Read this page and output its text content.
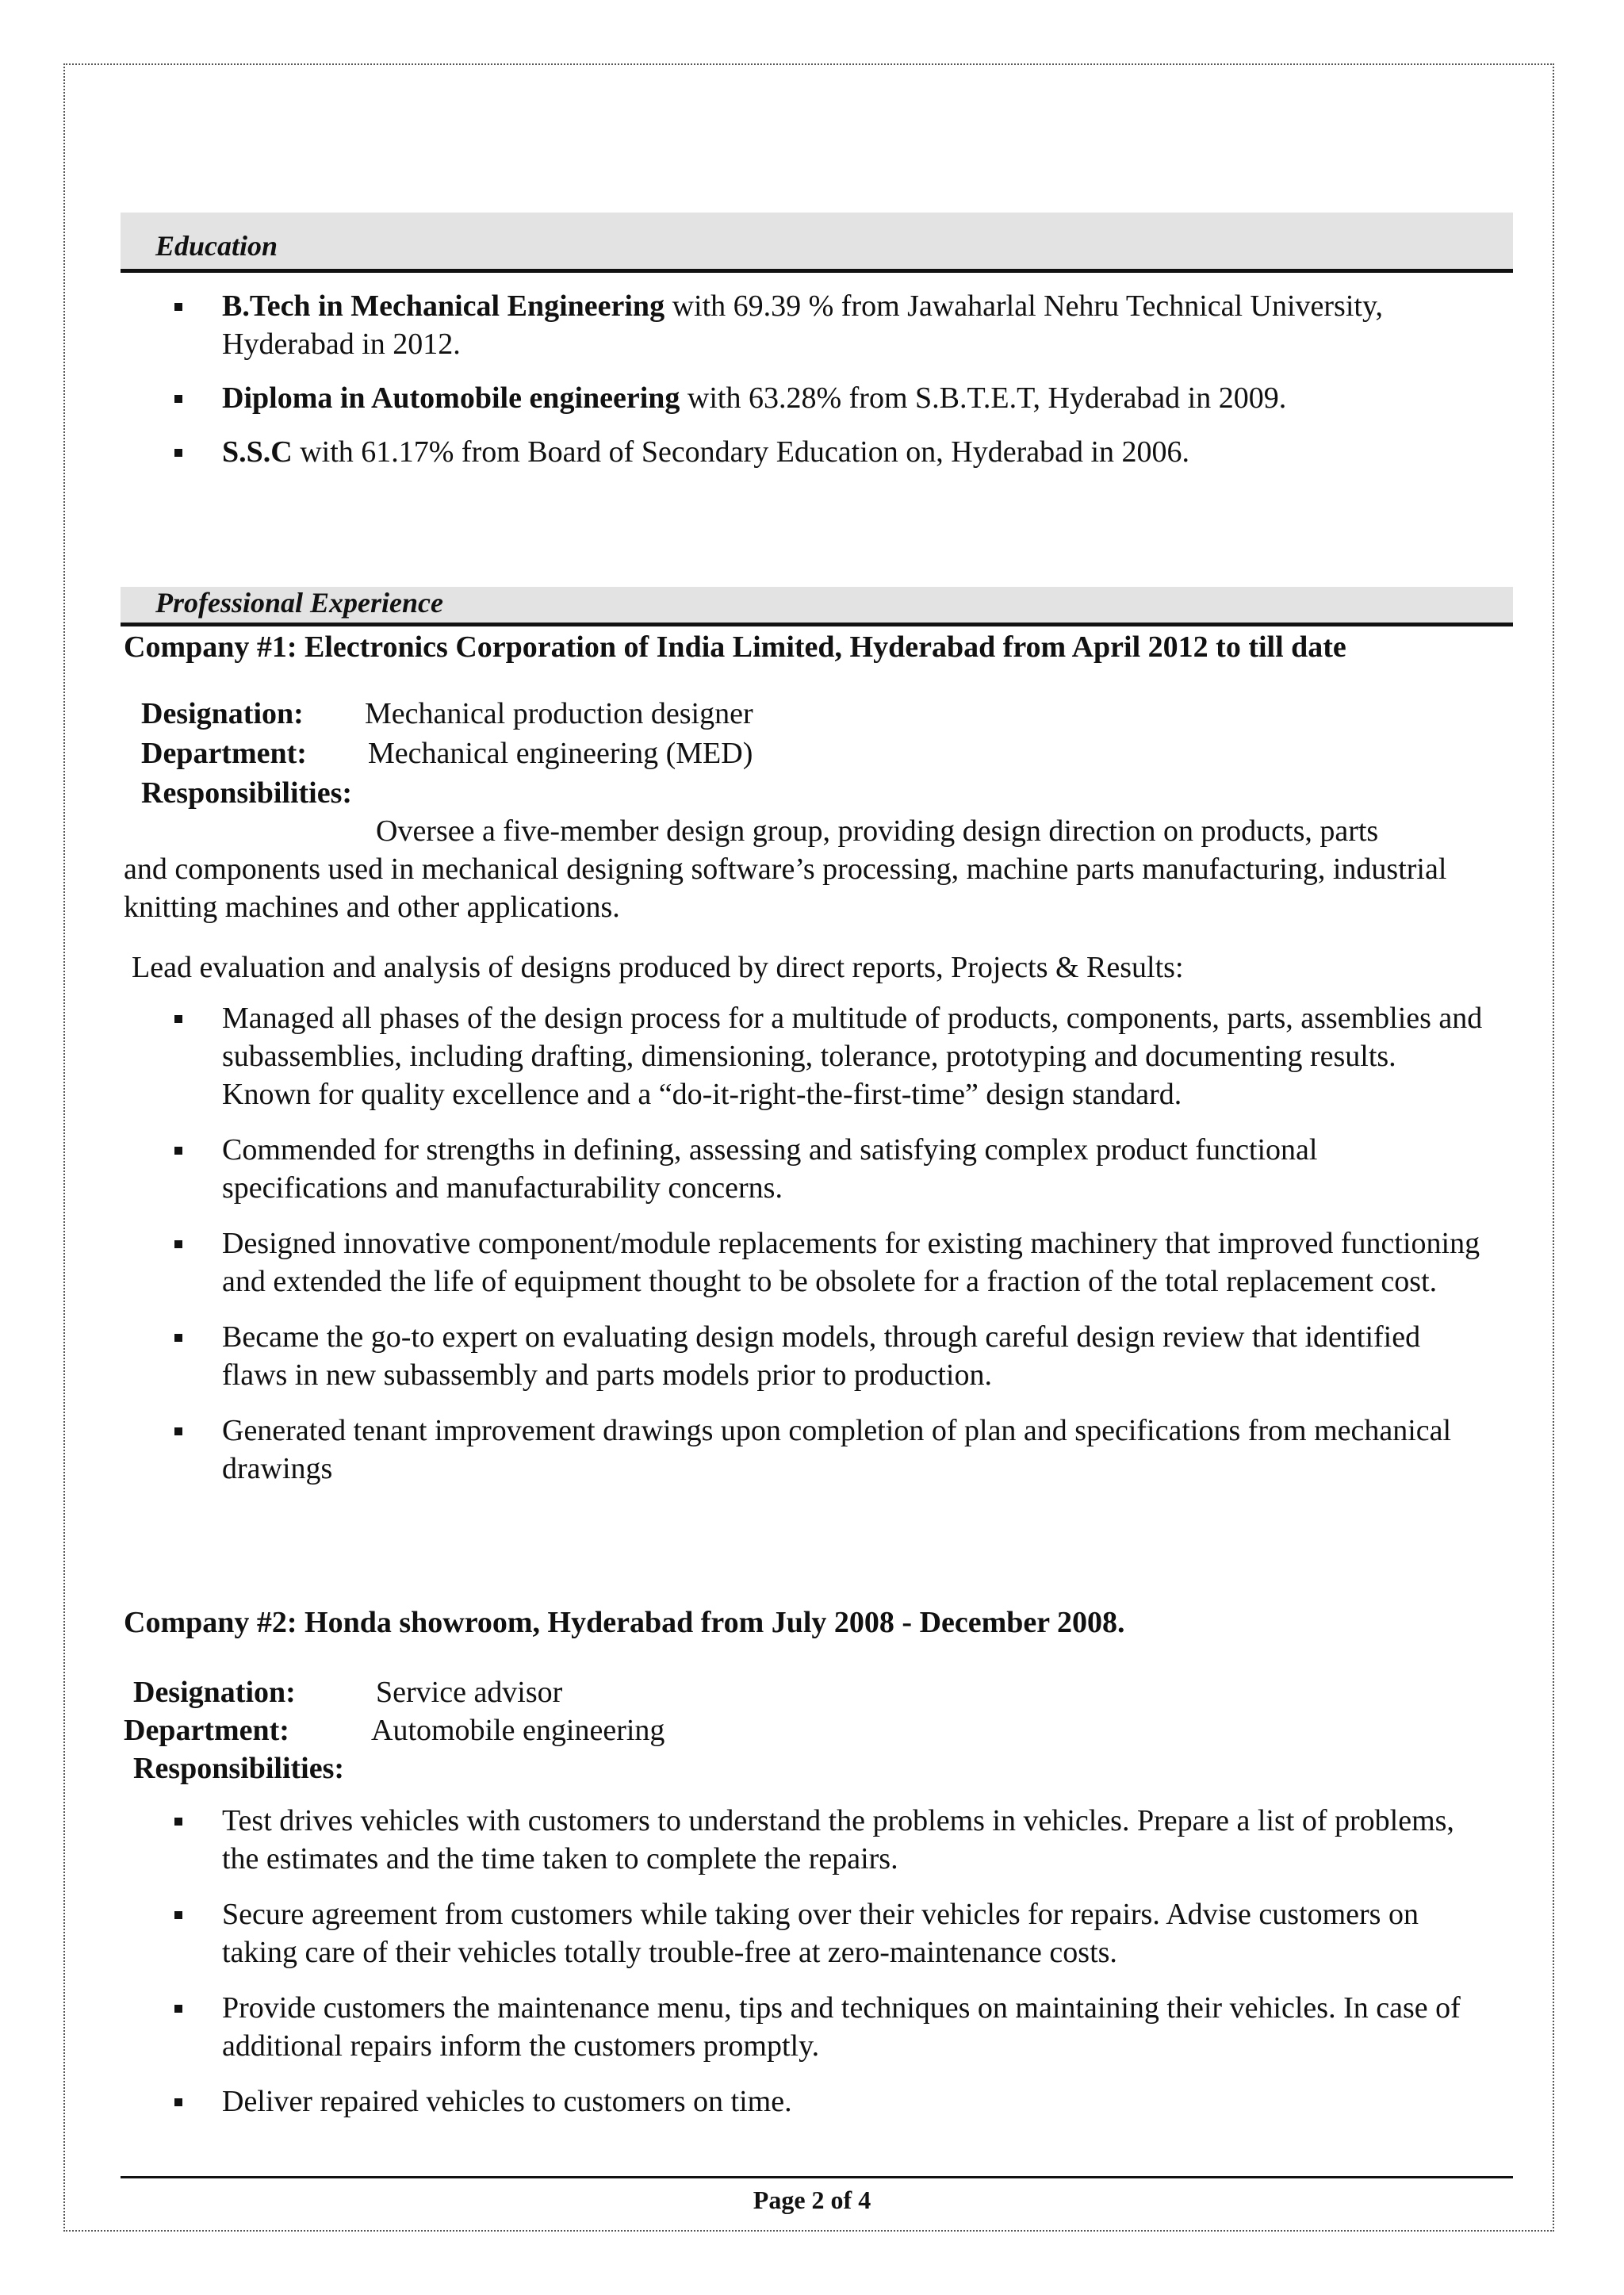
Education
B.Tech in Mechanical Engineering with 69.39 % from Jawaharlal Nehru Technical University, Hyderabad in 2012.
Diploma in Automobile engineering with 63.28% from S.B.T.E.T, Hyderabad in 2009.
S.S.C with 61.17% from Board of Secondary Education on, Hyderabad in 2006.
Professional Experience
Company #1: Electronics Corporation of India Limited, Hyderabad from April 2012 to till date
Designation: Mechanical production designer
Department: Mechanical engineering (MED)
Responsibilities:
Oversee a five-member design group, providing design direction on products, parts
and components used in mechanical designing software’s processing, machine parts manufacturing, industrial knitting machines and other applications.
Lead evaluation and analysis of designs produced by direct reports, Projects & Results:
Managed all phases of the design process for a multitude of products, components, parts, assemblies and subassemblies, including drafting, dimensioning, tolerance, prototyping and documenting results. Known for quality excellence and a “do-it-right-the-first-time” design standard.
Commended for strengths in defining, assessing and satisfying complex product functional specifications and manufacturability concerns.
Designed innovative component/module replacements for existing machinery that improved functioning and extended the life of equipment thought to be obsolete for a fraction of the total replacement cost.
Became the go-to expert on evaluating design models, through careful design review that identified flaws in new subassembly and parts models prior to production.
Generated tenant improvement drawings upon completion of plan and specifications from mechanical drawings
Company #2: Honda showroom, Hyderabad from July 2008 - December 2008.
Designation:	Service advisor
Department:	Automobile engineering
Responsibilities:
Test drives vehicles with customers to understand the problems in vehicles. Prepare a list of problems, the estimates and the time taken to complete the repairs.
Secure agreement from customers while taking over their vehicles for repairs. Advise customers on taking care of their vehicles totally trouble-free at zero-maintenance costs.
Provide customers the maintenance menu, tips and techniques on maintaining their vehicles. In case of additional repairs inform the customers promptly.
Deliver repaired vehicles to customers on time.
Page 2 of 4
